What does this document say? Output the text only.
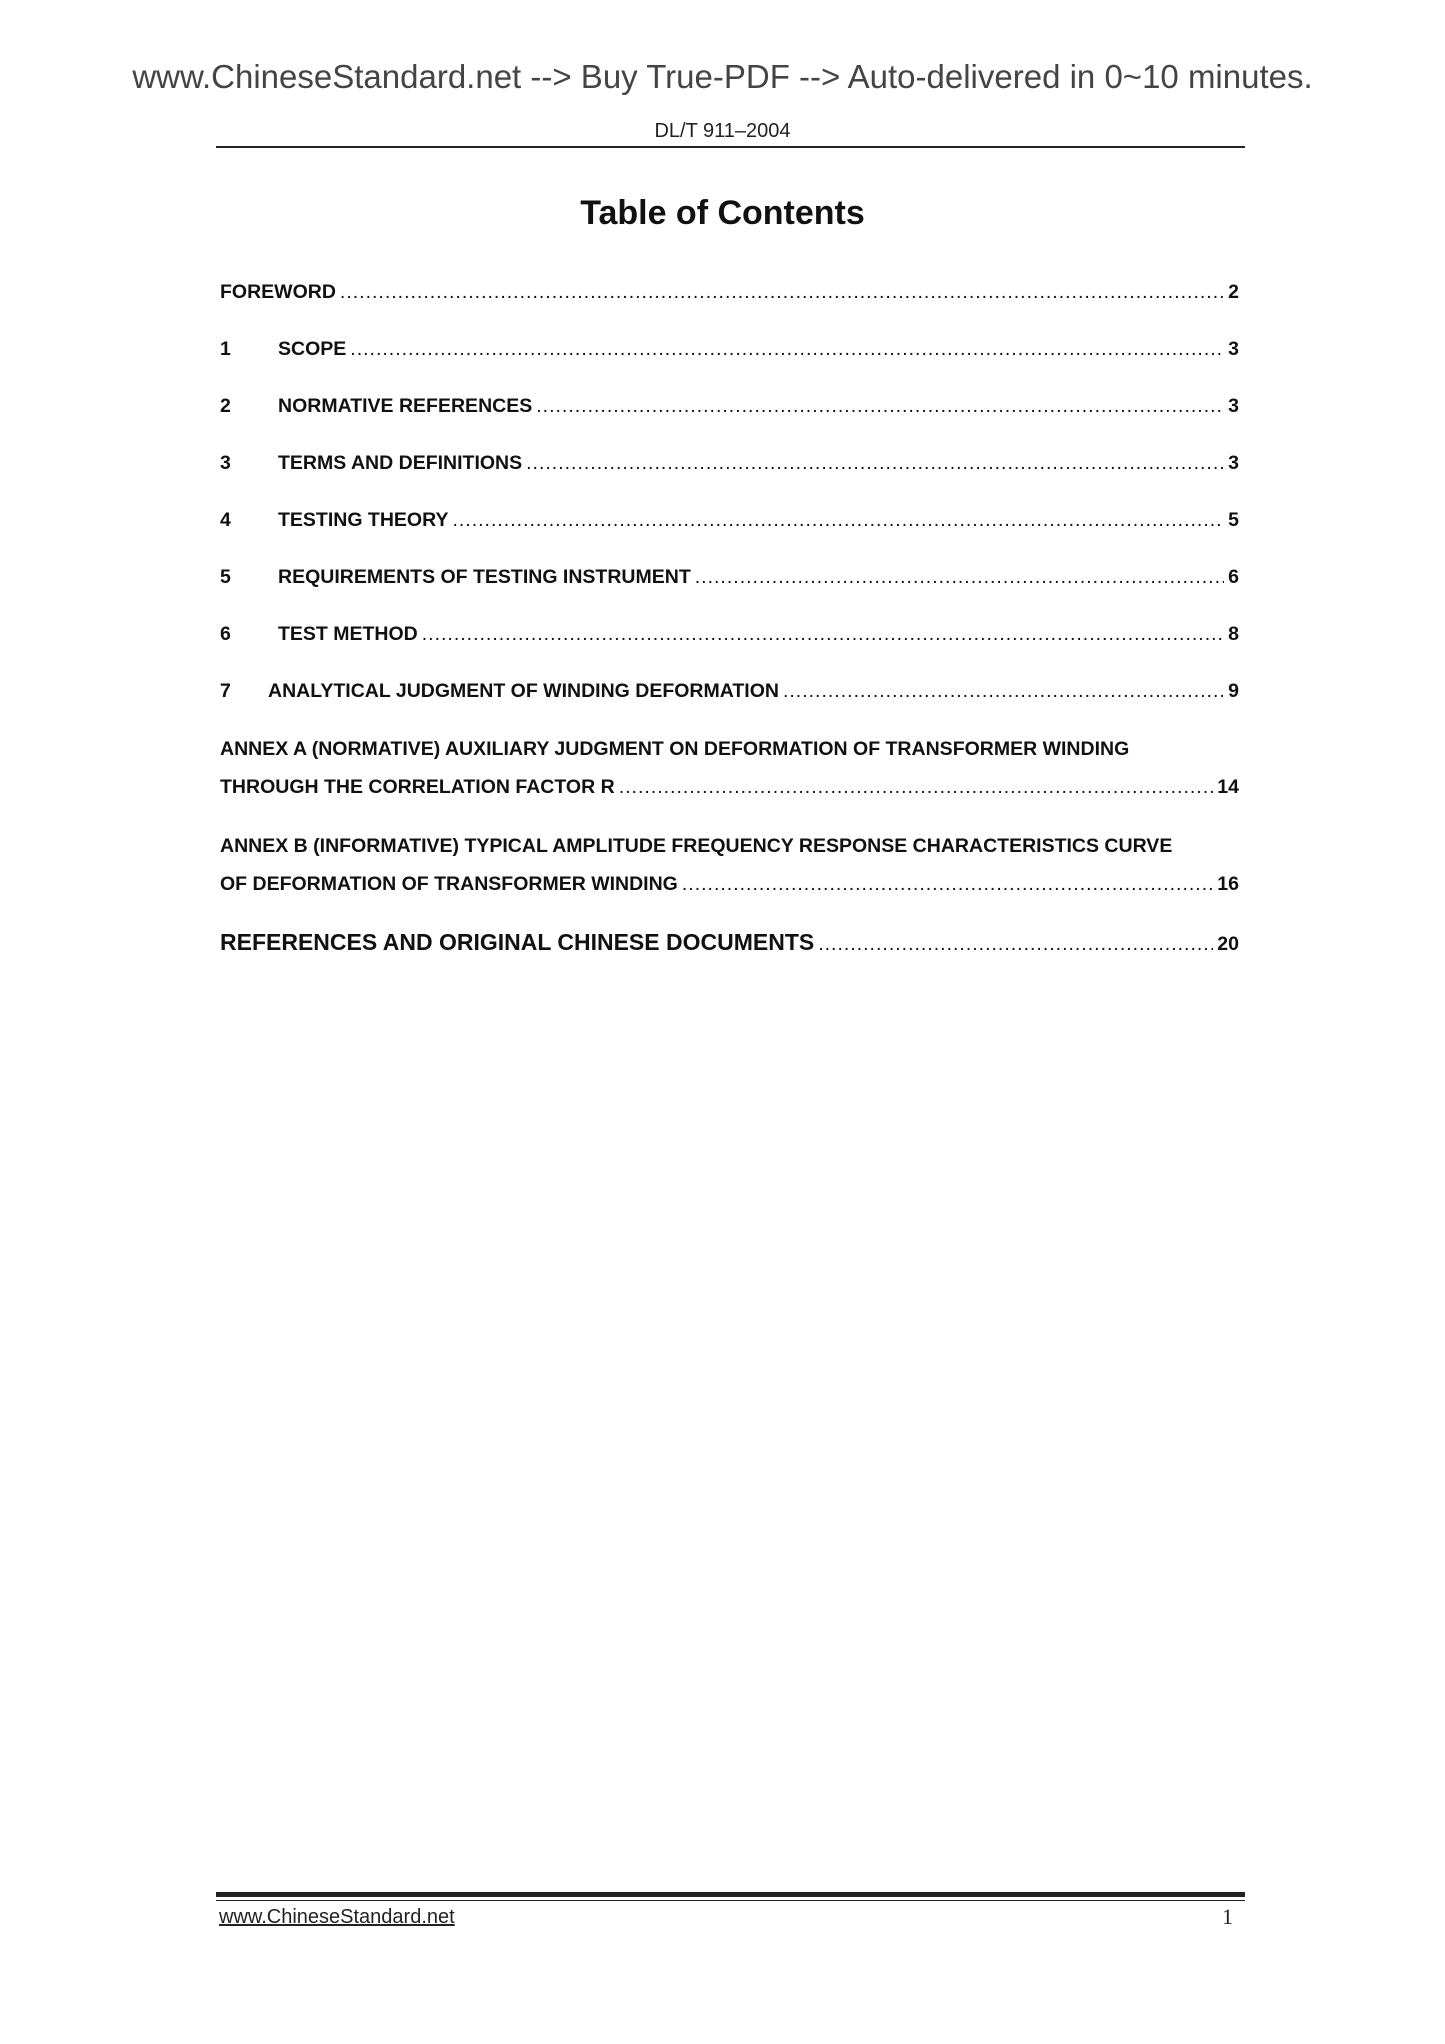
www.ChineseStandard.net --> Buy True-PDF --> Auto-delivered in 0~10 minutes.
DL/T 911–2004
Table of Contents
FOREWORD .....	2
1	SCOPE .....	3
2	NORMATIVE REFERENCES .....	3
3	TERMS AND DEFINITIONS .....	3
4	TESTING THEORY .....	5
5	REQUIREMENTS OF TESTING INSTRUMENT .....	6
6	TEST METHOD .....	8
7	ANALYTICAL JUDGMENT OF WINDING DEFORMATION .....	9
ANNEX A (NORMATIVE) AUXILIARY JUDGMENT ON DEFORMATION OF TRANSFORMER WINDING
THROUGH THE CORRELATION FACTOR R .....	14
ANNEX B (INFORMATIVE) TYPICAL AMPLITUDE FREQUENCY RESPONSE CHARACTERISTICS CURVE
OF DEFORMATION OF TRANSFORMER WINDING .....	16
REFERENCES AND ORIGINAL CHINESE DOCUMENTS .....	20
www.ChineseStandard.net	1
